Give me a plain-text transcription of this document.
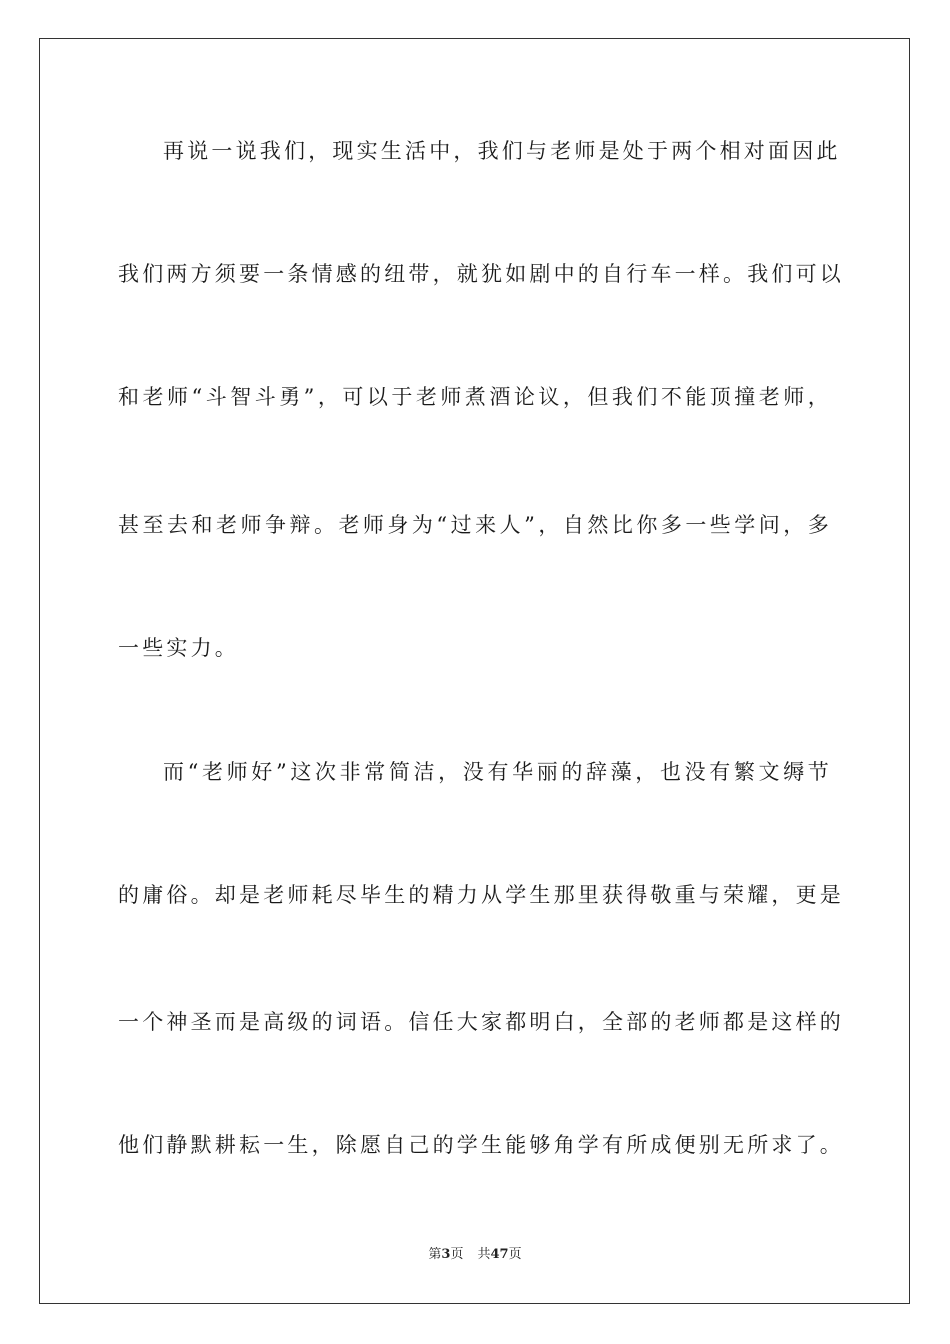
再说一说我们，现实生活中，我们与老师是处于两个相对面因此
我们两方须要一条情感的纽带，就犹如剧中的自行车一样。我们可以
和老师“斗智斗勇”，可以于老师煮酒论议，但我们不能顶撞老师，
甚至去和老师争辩。老师身为“过来人”，自然比你多一些学问，多
一些实力。
而“老师好”这次非常简洁，没有华丽的辞藻，也没有繁文缛节
的庸俗。却是老师耗尽毕生的精力从学生那里获得敬重与荣耀，更是
一个神圣而是高级的词语。信任大家都明白，全部的老师都是这样的
他们静默耕耘一生，除愿自己的学生能够角学有所成便别无所求了。
第3页 共47页
